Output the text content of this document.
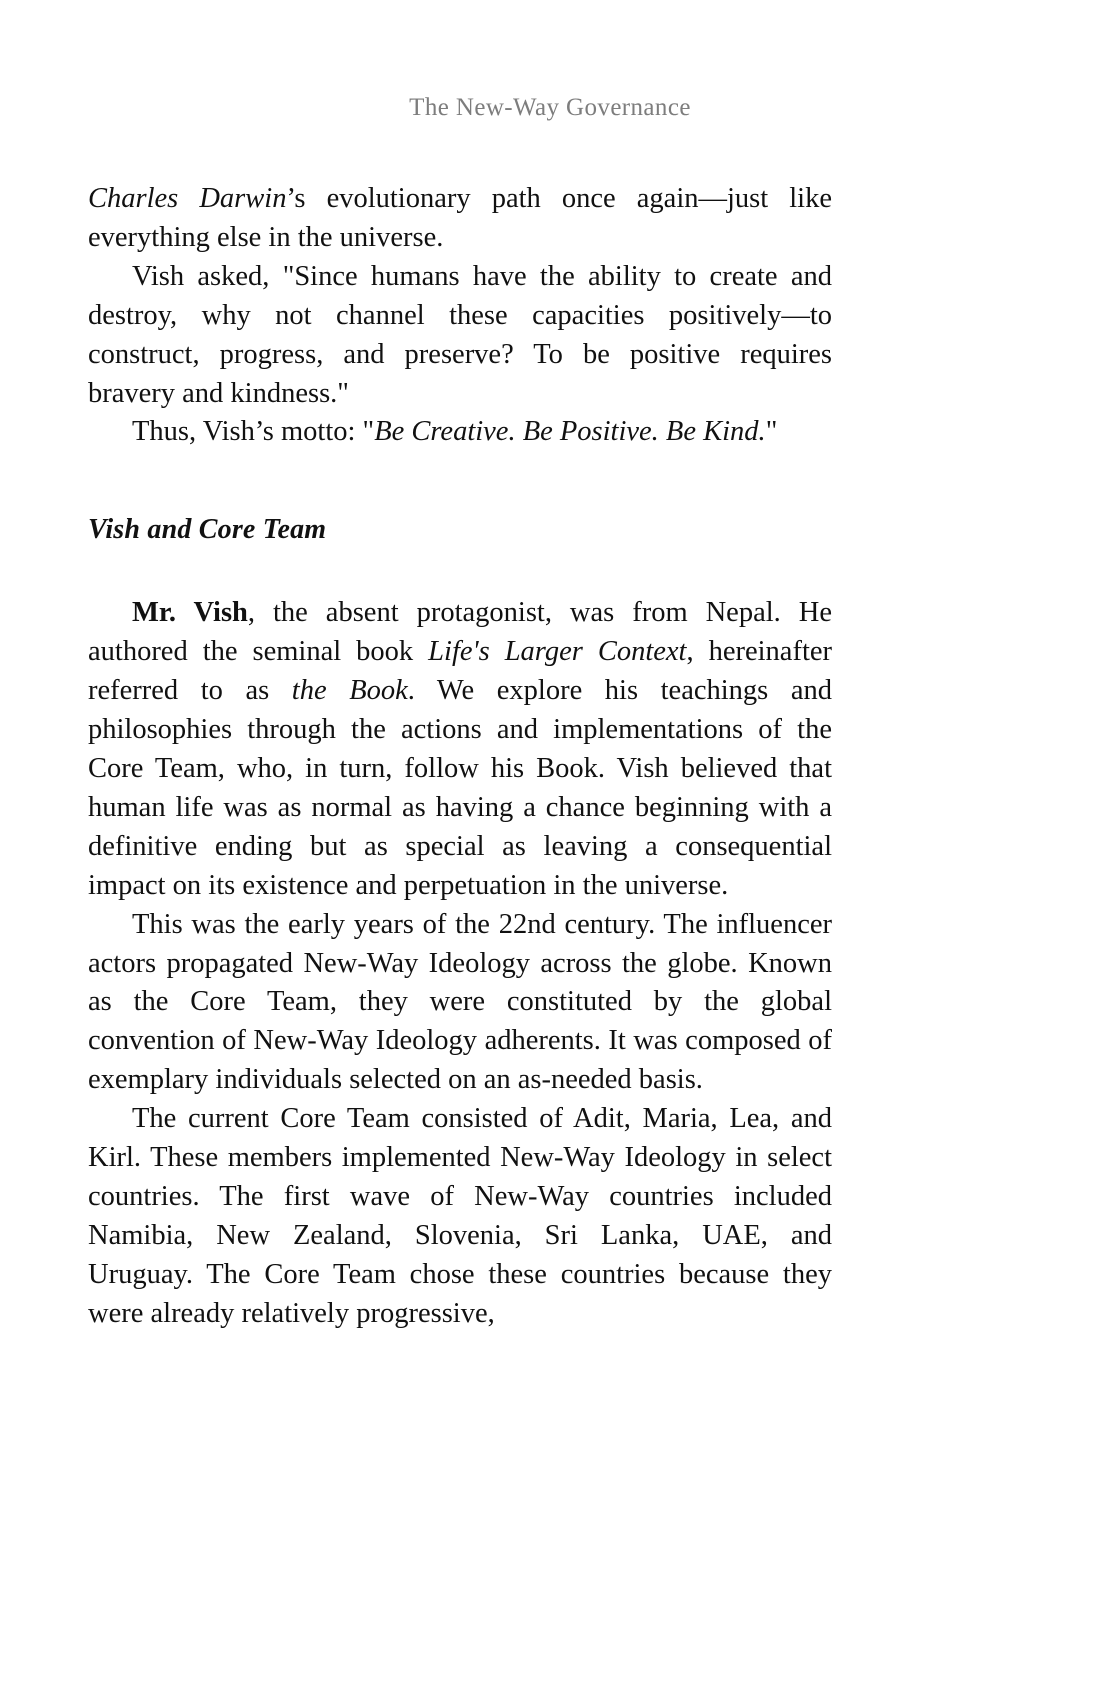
The New-Way Governance

Charles Darwin’s evolutionary path once again—just like everything else in the universe.

Vish asked, "Since humans have the ability to create and destroy, why not channel these capacities positively—to construct, progress, and preserve? To be positive requires bravery and kindness."

Thus, Vish’s motto: "Be Creative. Be Positive. Be Kind."

Vish and Core Team

Mr. Vish, the absent protagonist, was from Nepal. He authored the seminal book Life's Larger Context, hereinafter referred to as the Book. We explore his teachings and philosophies through the actions and implementations of the Core Team, who, in turn, follow his Book. Vish believed that human life was as normal as having a chance beginning with a definitive ending but as special as leaving a consequential impact on its existence and perpetuation in the universe.

This was the early years of the 22nd century. The influencer actors propagated New-Way Ideology across the globe. Known as the Core Team, they were constituted by the global convention of New-Way Ideology adherents. It was composed of exemplary individuals selected on an as-needed basis.

The current Core Team consisted of Adit, Maria, Lea, and Kirl. These members implemented New-Way Ideology in select countries. The first wave of New-Way countries included Namibia, New Zealand, Slovenia, Sri Lanka, UAE, and Uruguay. The Core Team chose these countries because they were already relatively progressive,
